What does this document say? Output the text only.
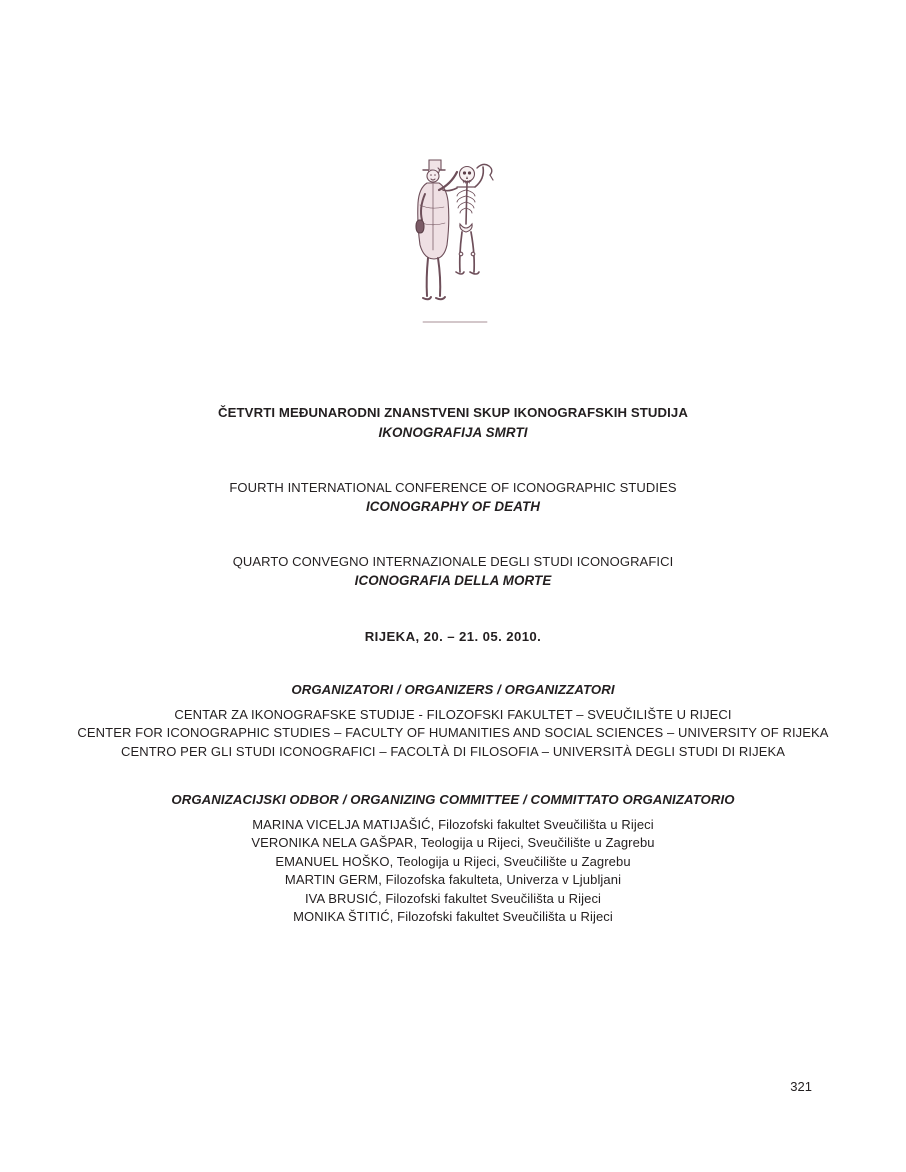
ČETVRTI MEĐUNARODNI ZNANSTVENI SKUP IKONOGRAFSKIH STUDIJA
IKONOGRAFIJA SMRTI
FOURTH INTERNATIONAL CONFERENCE OF ICONOGRAPHIC STUDIES
ICONOGRAPHY OF DEATH
QUARTO CONVEGNO INTERNAZIONALE DEGLI STUDI ICONOGRAFICI
ICONOGRAFIA DELLA MORTE
RIJEKA, 20. – 21. 05. 2010.
ORGANIZATORI / ORGANIZERS / ORGANIZZATORI
CENTAR ZA IKONOGRAFSKE STUDIJE - FILOZOFSKI FAKULTET – SVEUČILIŠTE U RIJECI
CENTER FOR ICONOGRAPHIC STUDIES – FACULTY OF HUMANITIES AND SOCIAL SCIENCES – UNIVERSITY OF RIJEKA
CENTRO PER GLI STUDI ICONOGRAFICI – FACOLTÀ DI FILOSOFIA – UNIVERSITÀ DEGLI STUDI DI RIJEKA
ORGANIZACIJSKI ODBOR / ORGANIZING COMMITTEE / COMMITTATO ORGANIZATORIO
MARINA VICELJA MATIJAŠIĆ, Filozofski fakultet Sveučilišta u Rijeci
VERONIKA NELA GAŠPAR, Teologija u Rijeci, Sveučilište u Zagrebu
EMANUEL HOŠKO, Teologija u Rijeci, Sveučilište u Zagrebu
MARTIN GERM, Filozofska fakulteta, Univerza v Ljubljani
IVA BRUSIĆ, Filozofski fakultet Sveučilišta u Rijeci
MONIKA ŠTITIĆ, Filozofski fakultet Sveučilišta u Rijeci
321
